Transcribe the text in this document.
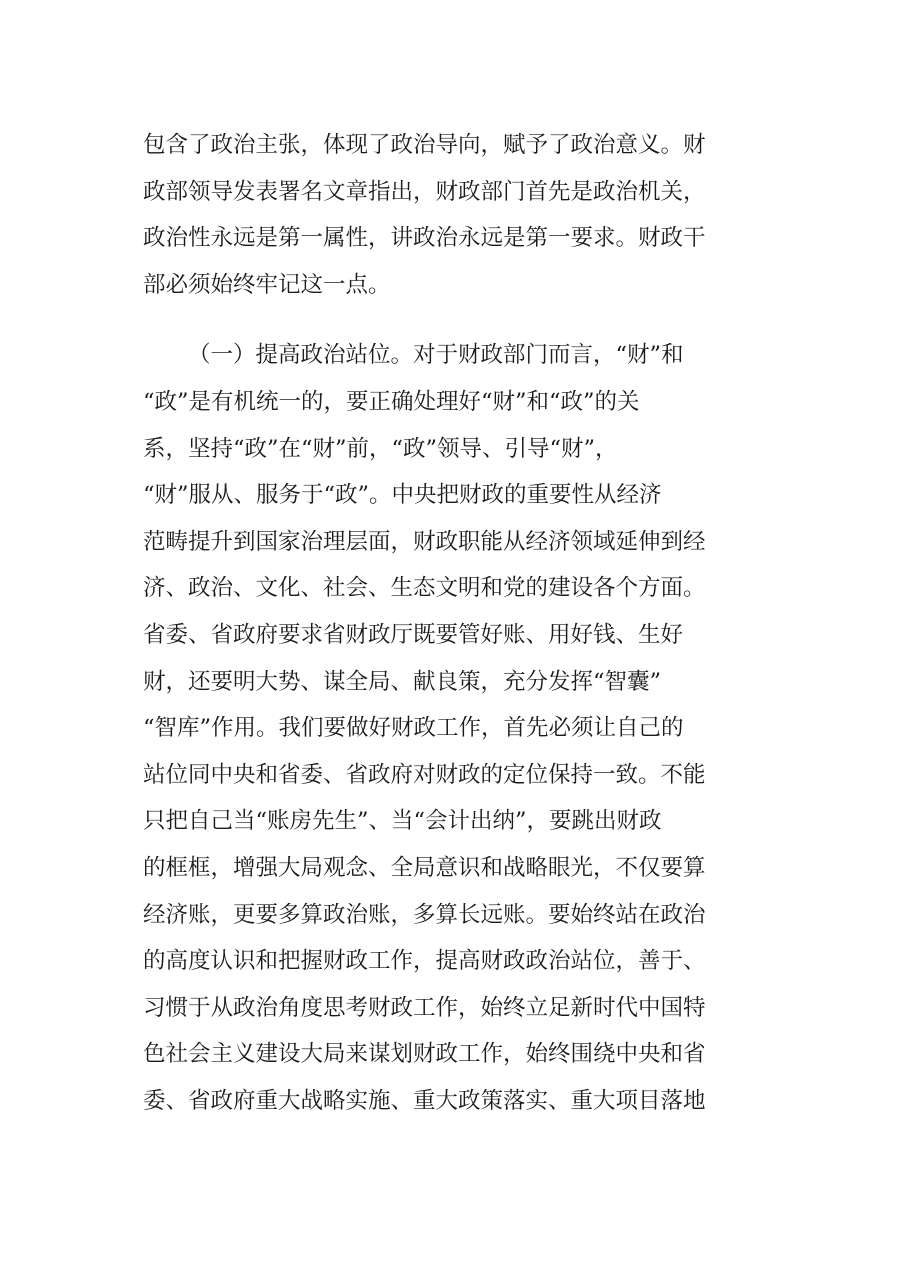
包含了政治主张，体现了政治导向，赋予了政治意义。财
政部领导发表署名文章指出，财政部门首先是政治机关，
政治性永远是第一属性，讲政治永远是第一要求。财政干
部必须始终牢记这一点。
（一）提高政治站位。对于财政部门而言，“财”和
“政”是有机统一的，要正确处理好“财”和“政”的关
系，坚持“政”在“财”前，“政”领导、引导“财”，
“财”服从、服务于“政”。中央把财政的重要性从经济
范畴提升到国家治理层面，财政职能从经济领域延伸到经
济、政治、文化、社会、生态文明和党的建设各个方面。
省委、省政府要求省财政厅既要管好账、用好钱、生好
财，还要明大势、谋全局、献良策，充分发挥“智囊”
“智库”作用。我们要做好财政工作，首先必须让自己的
站位同中央和省委、省政府对财政的定位保持一致。不能
只把自己当“账房先生”、当“会计出纳”，要跳出财政
的框框，增强大局观念、全局意识和战略眼光，不仅要算
经济账，更要多算政治账，多算长远账。要始终站在政治
的高度认识和把握财政工作，提高财政政治站位，善于、
习惯于从政治角度思考财政工作，始终立足新时代中国特
色社会主义建设大局来谋划财政工作，始终围绕中央和省
委、省政府重大战略实施、重大政策落实、重大项目落地
